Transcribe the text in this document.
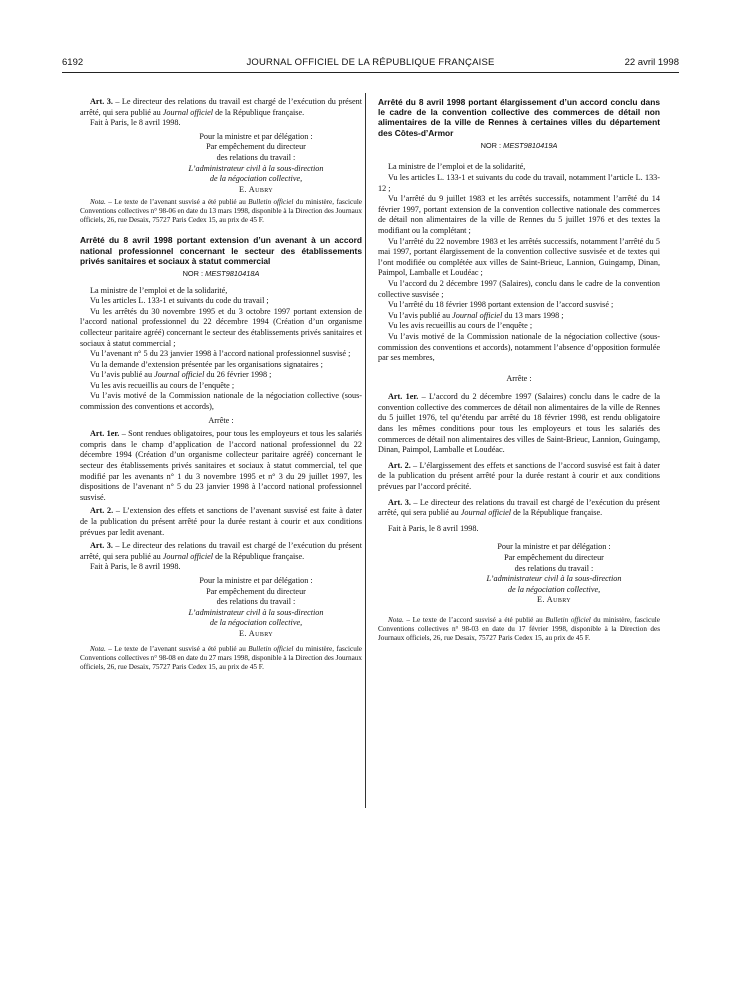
6192	JOURNAL OFFICIEL DE LA RÉPUBLIQUE FRANÇAISE	22 avril 1998

Art. 3. – Le directeur des relations du travail est chargé de l’exécution du présent arrêté, qui sera publié au Journal officiel de la République française.

Fait à Paris, le 8 avril 1998.

Pour la ministre et par délégation :

Par empêchement du directeur

des relations du travail :

L’administrateur civil à la sous-direction

de la négociation collective,

E. Aubry

Nota. – Le texte de l’avenant susvisé a été publié au Bulletin officiel du ministère, fascicule Conventions collectives n° 98-06 en date du 13 mars 1998, disponible à la Direction des Journaux officiels, 26, rue Desaix, 75727 Paris Cedex 15, au prix de 45 F.

Arrêté du 8 avril 1998 portant extension d’un avenant à un accord national professionnel concernant le secteur des établissements privés sanitaires et sociaux à statut commercial

NOR : MEST9810418A

La ministre de l’emploi et de la solidarité,

Vu les articles L. 133-1 et suivants du code du travail ;

Vu les arrêtés du 30 novembre 1995 et du 3 octobre 1997 portant extension de l’accord national professionnel du 22 décembre 1994 (Création d’un organisme collecteur paritaire agréé) concernant le secteur des établissements privés sanitaires et sociaux à statut commercial ;

Vu l’avenant n° 5 du 23 janvier 1998 à l’accord national professionnel susvisé ;

Vu la demande d’extension présentée par les organisations signataires ;

Vu l’avis publié au Journal officiel du 26 février 1998 ;

Vu les avis recueillis au cours de l’enquête ;

Vu l’avis motivé de la Commission nationale de la négociation collective (sous-commission des conventions et accords),

Arrête :

Art. 1er. – Sont rendues obligatoires, pour tous les employeurs et tous les salariés compris dans le champ d’application de l’accord national professionnel du 22 décembre 1994 (Création d’un organisme collecteur paritaire agréé) concernant le secteur des établissements privés sanitaires et sociaux à statut commercial, tel que modifié par les avenants n° 1 du 3 novembre 1995 et n° 3 du 29 juillet 1997, les dispositions de l’avenant n° 5 du 23 janvier 1998 à l’accord national professionnel susvisé.

Art. 2. – L’extension des effets et sanctions de l’avenant susvisé est faite à dater de la publication du présent arrêté pour la durée restant à courir et aux conditions prévues par ledit avenant.

Art. 3. – Le directeur des relations du travail est chargé de l’exécution du présent arrêté, qui sera publié au Journal officiel de la République française.

Fait à Paris, le 8 avril 1998.

Pour la ministre et par délégation :

Par empêchement du directeur

des relations du travail :

L’administrateur civil à la sous-direction

de la négociation collective,

E. Aubry

Nota. – Le texte de l’avenant susvisé a été publié au Bulletin officiel du ministère, fascicule Conventions collectives n° 98-08 en date du 27 mars 1998, disponible à la Direction des Journaux officiels, 26, rue Desaix, 75727 Paris Cedex 15, au prix de 45 F.

Arrêté du 8 avril 1998 portant élargissement d’un accord conclu dans le cadre de la convention collective des commerces de détail non alimentaires de la ville de Rennes à certaines villes du département des Côtes-d’Armor

NOR : MEST9810419A

La ministre de l’emploi et de la solidarité,

Vu les articles L. 133-1 et suivants du code du travail, notamment l’article L. 133-12 ;

Vu l’arrêté du 9 juillet 1983 et les arrêtés successifs, notamment l’arrêté du 14 février 1997, portant extension de la convention collective nationale des commerces de détail non alimentaires de la ville de Rennes du 5 juillet 1976 et des textes la modifiant ou la complétant ;

Vu l’arrêté du 22 novembre 1983 et les arrêtés successifs, notamment l’arrêté du 5 mai 1997, portant élargissement de la convention collective susvisée et de textes qui l’ont modifiée ou complétée aux villes de Saint-Brieuc, Lannion, Guingamp, Dinan, Paimpol, Lamballe et Loudéac ;

Vu l’accord du 2 décembre 1997 (Salaires), conclu dans le cadre de la convention collective susvisée ;

Vu l’arrêté du 18 février 1998 portant extension de l’accord susvisé ;

Vu l’avis publié au Journal officiel du 13 mars 1998 ;

Vu les avis recueillis au cours de l’enquête ;

Vu l’avis motivé de la Commission nationale de la négociation collective (sous-commission des conventions et accords), notamment l’absence d’opposition formulée par ses membres,

Arrête :

Art. 1er. – L’accord du 2 décembre 1997 (Salaires) conclu dans le cadre de la convention collective des commerces de détail non alimentaires de la ville de Rennes du 5 juillet 1976, tel qu’étendu par arrêté du 18 février 1998, est rendu obligatoire dans les mêmes conditions pour tous les employeurs et tous les salariés des commerces de détail non alimentaires des villes de Saint-Brieuc, Lannion, Guingamp, Dinan, Paimpol, Lamballe et Loudéac.

Art. 2. – L’élargissement des effets et sanctions de l’accord susvisé est fait à dater de la publication du présent arrêté pour la durée restant à courir et aux conditions prévues par l’accord précité.

Art. 3. – Le directeur des relations du travail est chargé de l’exécution du présent arrêté, qui sera publié au Journal officiel de la République française.

Fait à Paris, le 8 avril 1998.

Pour la ministre et par délégation :

Par empêchement du directeur

des relations du travail :

L’administrateur civil à la sous-direction

de la négociation collective,

E. Aubry

Nota. – Le texte de l’accord susvisé a été publié au Bulletin officiel du ministère, fascicule Conventions collectives n° 98-03 en date du 17 février 1998, disponible à la Direction des Journaux officiels, 26, rue Desaix, 75727 Paris Cedex 15, au prix de 45 F.
